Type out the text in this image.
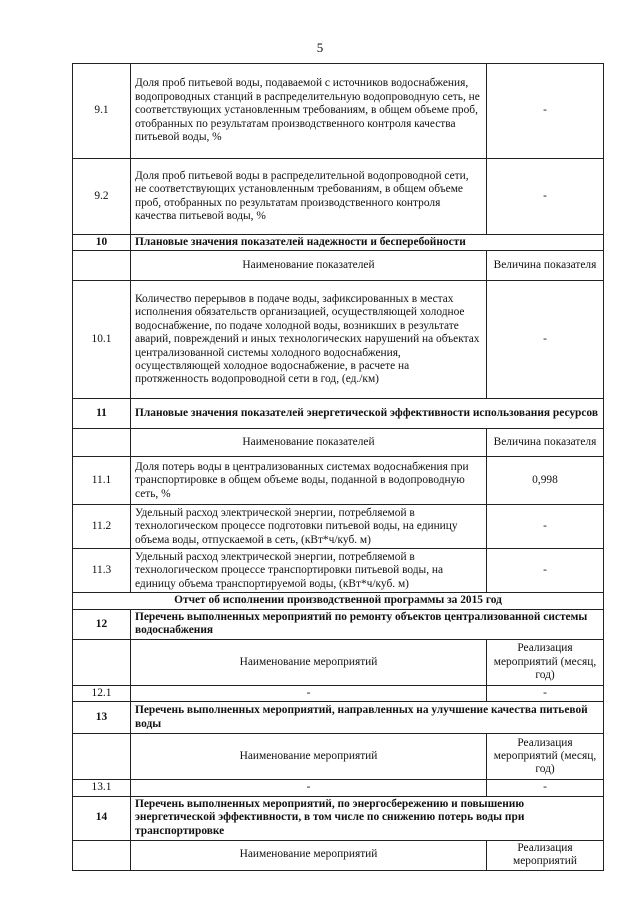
5
9.1	Доля проб питьевой воды, подаваемой с источников водоснабжения, водопроводных станций в распределительную водопроводную сеть, не соответствующих установленным требованиям, в общем объеме проб, отобранных по результатам производственного контроля качества питьевой воды, %	-
9.2	Доля проб питьевой воды в распределительной водопроводной сети, не соответствующих установленным требованиям, в общем объеме проб, отобранных по результатам производственного контроля качества питьевой воды, %	-
10	Плановые значения показателей надежности и бесперебойности	
	Наименование показателей	Величина показателя
10.1	Количество перерывов в подаче воды, зафиксированных в местах исполнения обязательств организацией, осуществляющей холодное водоснабжение, по подаче холодной воды, возникших в результате аварий, повреждений и иных технологических нарушений на объектах централизованной системы холодного водоснабжения, осуществляющей холодное водоснабжение, в расчете на протяженность водопроводной сети в год, (ед./км)	-
11	Плановые значения показателей энергетической эффективности использования ресурсов	
	Наименование показателей	Величина показателя
11.1	Доля потерь воды в централизованных системах водоснабжения при транспортировке в общем объеме воды, поданной в водопроводную сеть, %	0,998
11.2	Удельный расход электрической энергии, потребляемой в технологическом процессе подготовки питьевой воды, на единицу объема воды, отпускаемой в сеть, (кВт*ч/куб. м)	-
11.3	Удельный расход электрической энергии, потребляемой в технологическом процессе транспортировки питьевой воды, на единицу объема транспортируемой воды, (кВт*ч/куб. м)	-
Отчет об исполнении производственной программы за 2015 год		
12	Перечень выполненных мероприятий по ремонту объектов централизованной системы водоснабжения	
	Наименование мероприятий	Реализация мероприятий (месяц, год)
12.1	-	-
13	Перечень выполненных мероприятий, направленных на улучшение качества питьевой воды	
	Наименование мероприятий	Реализация мероприятий (месяц, год)
13.1	-	-
14	Перечень выполненных мероприятий, по энергосбережению и повышению энергетической эффективности, в том числе по снижению потерь воды при транспортировке	
	Наименование мероприятий	Реализация мероприятий
